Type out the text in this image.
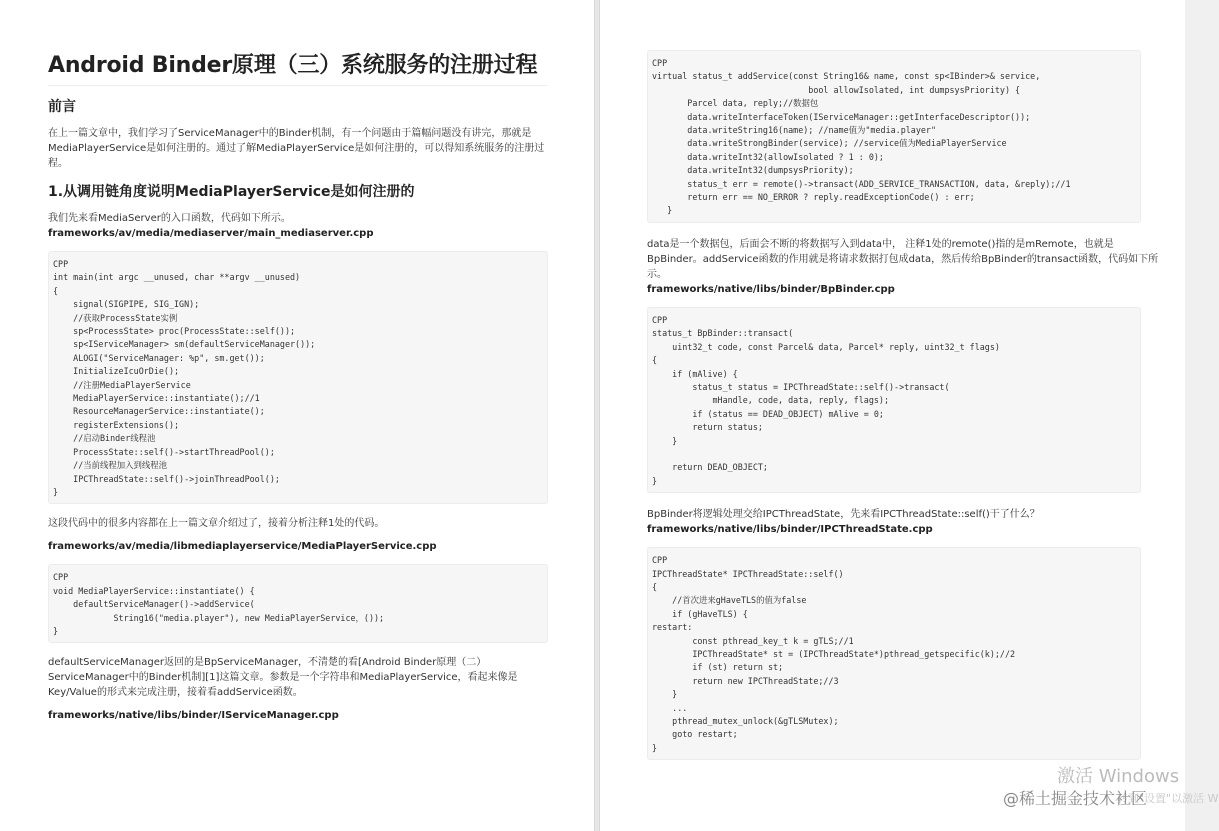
Android Binder原理（三）系统服务的注册过程
前言

在上一篇文章中，我们学习了ServiceManager中的Binder机制，有一个问题由于篇幅问题没有讲完，那就是MediaPlayerService是如何注册的。通过了解MediaPlayerService是如何注册的，可以得知系统服务的注册过程。

1.从调用链角度说明MediaPlayerService是如何注册的

我们先来看MediaServer的入口函数，代码如下所示。

frameworks/av/media/mediaserver/main_mediaserver.cpp
CPP
int main(int argc __unused, char **argv __unused)
{
signal(SIGPIPE, SIG_IGN);
//获取ProcessState实例
sp<ProcessState> proc(ProcessState::self());
sp<IServiceManager> sm(defaultServiceManager());
ALOGI("ServiceManager: %p", sm.get());
InitializeIcuOrDie();
//注册MediaPlayerService
MediaPlayerService::instantiate();//1
ResourceManagerService::instantiate();
registerExtensions();
//启动Binder线程池
ProcessState::self()->startThreadPool();
//当前线程加入到线程池
IPCThreadState::self()->joinThreadPool();
}

这段代码中的很多内容都在上一篇文章介绍过了，接着分析注释1处的代码。

frameworks/av/media/libmediaplayerservice/MediaPlayerService.cpp
CPP
void MediaPlayerService::instantiate() {
defaultServiceManager()->addService(
String16("media.player"), new MediaPlayerService，());
}

defaultServiceManager返回的是BpServiceManager，不清楚的看[Android Binder原理（二）ServiceManager中的Binder机制][1]这篇文章。参数是一个字符串和MediaPlayerService，看起来像是Key/Value的形式来完成注册，接着看addService函数。

frameworks/native/libs/binder/IServiceManager.cpp
CPP
virtual status_t addService(const String16& name, const sp<IBinder>& service,
bool allowIsolated, int dumpsysPriority) {
Parcel data, reply;//数据包
data.writeInterfaceToken(IServiceManager::getInterfaceDescriptor());
data.writeString16(name); //name值为"media.player"
data.writeStrongBinder(service); //service值为MediaPlayerService
data.writeInt32(allowIsolated ? 1 : 0);
data.writeInt32(dumpsysPriority);
status_t err = remote()->transact(ADD_SERVICE_TRANSACTION, data, &reply);//1
return err == NO_ERROR ? reply.readExceptionCode() : err;
}

data是一个数据包，后面会不断的将数据写入到data中， 注释1处的remote()指的是mRemote，也就是BpBinder。addService函数的作用就是将请求数据打包成data，然后传给BpBinder的transact函数，代码如下所示。

frameworks/native/libs/binder/BpBinder.cpp
CPP
status_t BpBinder::transact(
uint32_t code, const Parcel& data, Parcel* reply, uint32_t flags)
{
if (mAlive) {
status_t status = IPCThreadState::self()->transact(
mHandle, code, data, reply, flags);
if (status == DEAD_OBJECT) mAlive = 0;
return status;
}

return DEAD_OBJECT;
}

BpBinder将逻辑处理交给IPCThreadState，先来看IPCThreadState::self()干了什么？

frameworks/native/libs/binder/IPCThreadState.cpp
CPP
IPCThreadState* IPCThreadState::self()
{
//首次进来gHaveTLS的值为false
if (gHaveTLS) {
restart:
const pthread_key_t k = gTLS;//1
IPCThreadState* st = (IPCThreadState*)pthread_getspecific(k);//2
if (st) return st;
return new IPCThreadState;//3
}
...
pthread_mutex_unlock(&gTLSMutex);
goto restart;
}
激活 Windows
转到"设置"以激活 W
@稀土掘金技术社区
